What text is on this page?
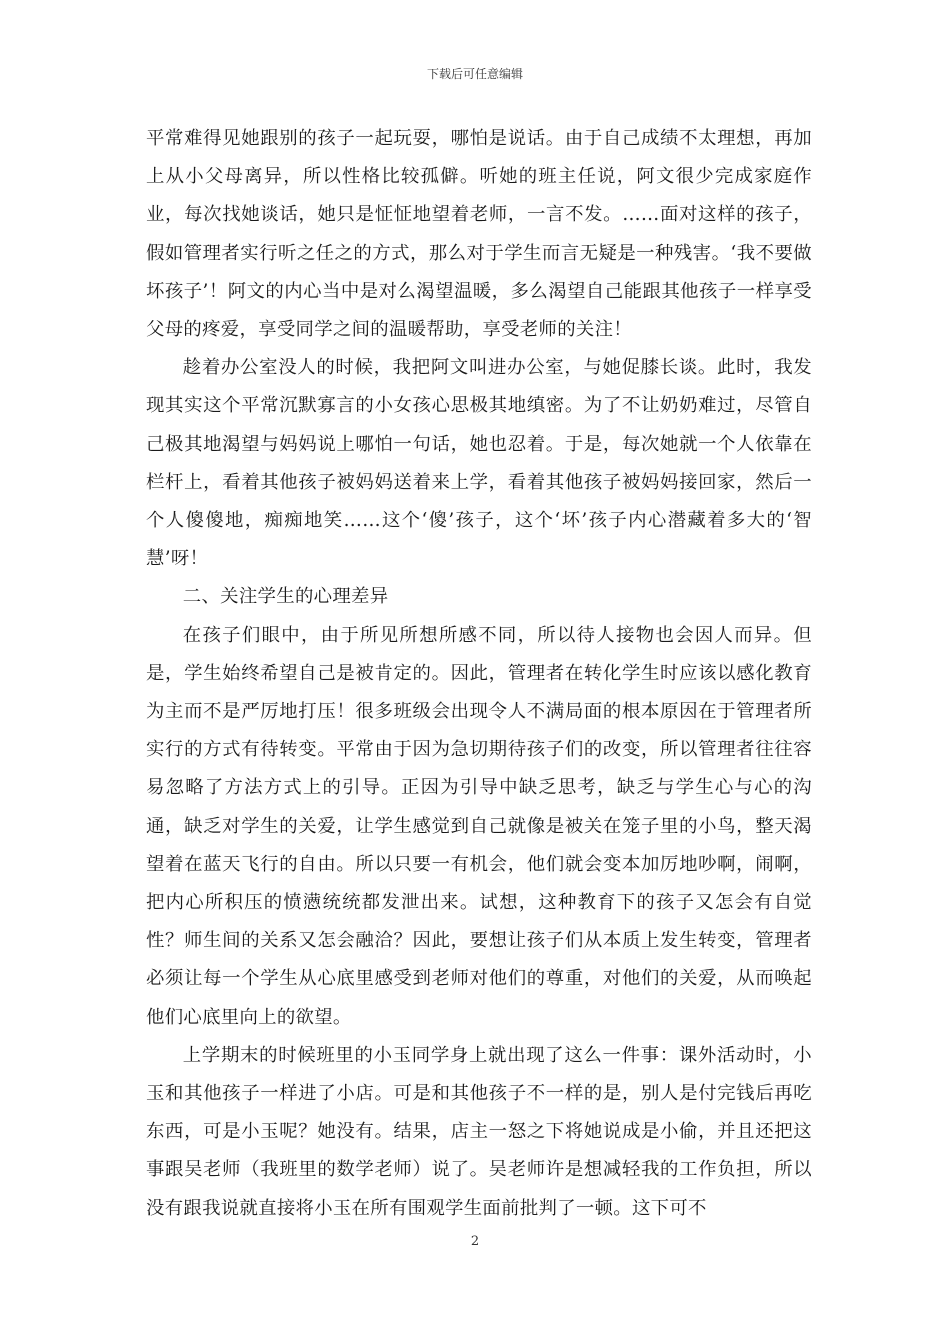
下载后可任意编辑

平常难得见她跟别的孩子一起玩耍，哪怕是说话。由于自己成绩不太理想，再加上从小父母离异，所以性格比较孤僻。听她的班主任说，阿文很少完成家庭作业，每次找她谈话，她只是怔怔地望着老师，一言不发。……面对这样的孩子，假如管理者实行听之任之的方式，那么对于学生而言无疑是一种残害。‘我不要做坏孩子’！阿文的内心当中是对么渴望温暖，多么渴望自己能跟其他孩子一样享受父母的疼爱，享受同学之间的温暖帮助，享受老师的关注！

趁着办公室没人的时候，我把阿文叫进办公室，与她促膝长谈。此时，我发现其实这个平常沉默寡言的小女孩心思极其地缜密。为了不让奶奶难过，尽管自己极其地渴望与妈妈说上哪怕一句话，她也忍着。于是，每次她就一个人依靠在栏杆上，看着其他孩子被妈妈送着来上学，看着其他孩子被妈妈接回家，然后一个人傻傻地，痴痴地笑……这个‘傻’孩子，这个‘坏’孩子内心潜藏着多大的‘智慧’呀！

二、关注学生的心理差异

在孩子们眼中，由于所见所想所感不同，所以待人接物也会因人而异。但是，学生始终希望自己是被肯定的。因此，管理者在转化学生时应该以感化教育为主而不是严厉地打压！很多班级会出现令人不满局面的根本原因在于管理者所实行的方式有待转变。平常由于因为急切期待孩子们的改变，所以管理者往往容易忽略了方法方式上的引导。正因为引导中缺乏思考，缺乏与学生心与心的沟通，缺乏对学生的关爱，让学生感觉到自己就像是被关在笼子里的小鸟，整天渴望着在蓝天飞行的自由。所以只要一有机会，他们就会变本加厉地吵啊，闹啊，把内心所积压的愤懑统统都发泄出来。试想，这种教育下的孩子又怎会有自觉性？师生间的关系又怎会融洽？因此，要想让孩子们从本质上发生转变，管理者必须让每一个学生从心底里感受到老师对他们的尊重，对他们的关爱，从而唤起他们心底里向上的欲望。

上学期末的时候班里的小玉同学身上就出现了这么一件事：课外活动时，小玉和其他孩子一样进了小店。可是和其他孩子不一样的是，别人是付完钱后再吃东西，可是小玉呢？她没有。结果，店主一怒之下将她说成是小偷，并且还把这事跟吴老师（我班里的数学老师）说了。吴老师许是想减轻我的工作负担，所以没有跟我说就直接将小玉在所有围观学生面前批判了一顿。这下可不

2
